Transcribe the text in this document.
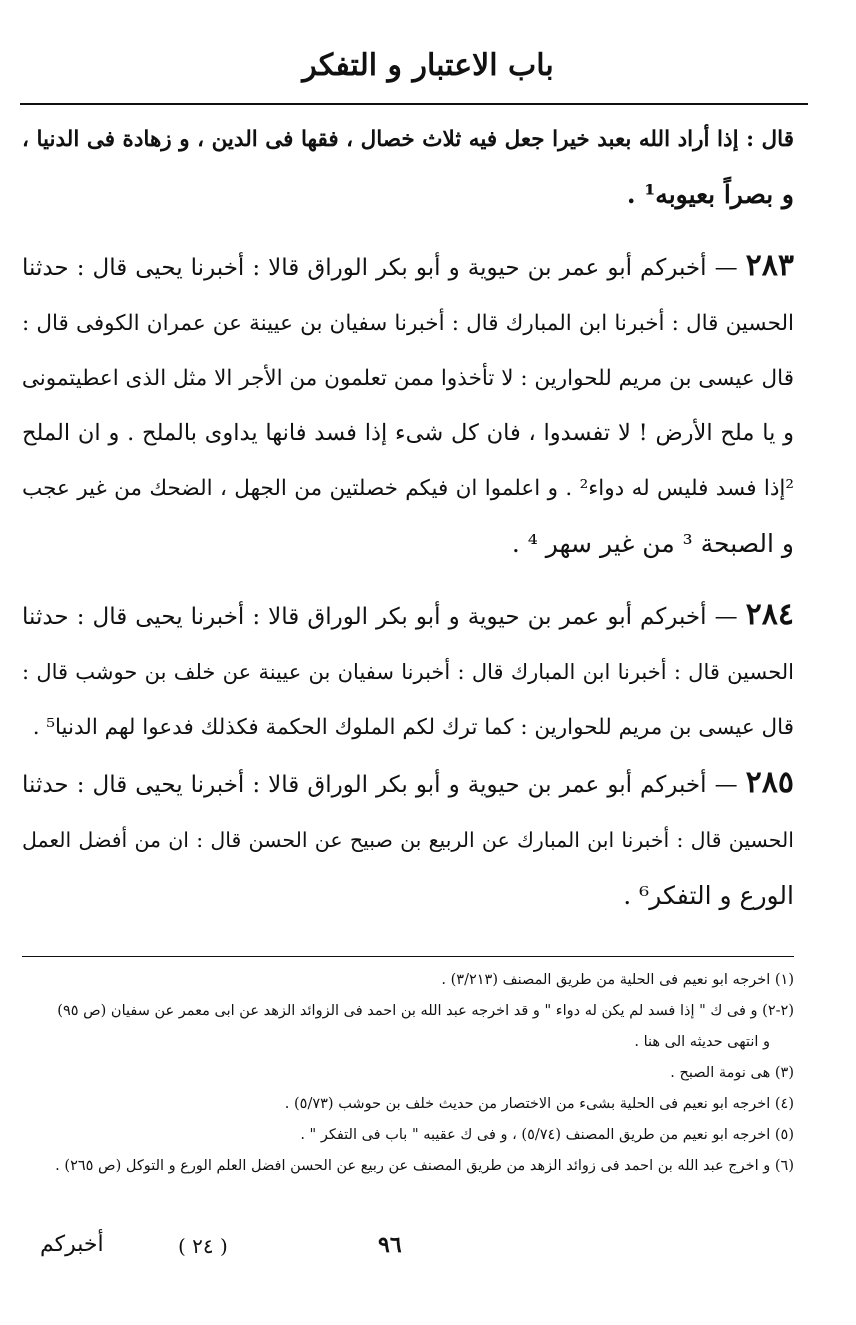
باب الاعتبار و التفكر
قال : إذا أراد الله بعبد خيرا جعل فيه ثلاث خصال ، فقها فى الدين ، و زهادة فى الدنيا ،
و بصراً بعيوبه¹ .
٢٨٣ — أخبركم أبو عمر بن حيوية و أبو بكر الوراق قالا : أخبرنا يحيى قال : حدثنا
الحسين قال : أخبرنا ابن المبارك قال : أخبرنا سفيان بن عيينة عن عمران الكوفى قال :
قال عيسى بن مريم للحوارين : لا تأخذوا ممن تعلمون من الأجر الا مثل الذى اعطيتمونى
و يا ملح الأرض ! لا تفسدوا ، فان كل شىء إذا فسد فانها يداوى بالملح . و ان الملح
²إذا فسد فليس له دواء² . و اعلموا ان فيكم خصلتين من الجهل ، الضحك من غير عجب
و الصبحة ³ من غير سهر ⁴ .
٢٨٤ — أخبركم أبو عمر بن حيوية و أبو بكر الوراق قالا : أخبرنا يحيى قال : حدثنا
الحسين قال : أخبرنا ابن المبارك قال : أخبرنا سفيان بن عيينة عن خلف بن حوشب قال :
قال عيسى بن مريم للحوارين : كما ترك لكم الملوك الحكمة فكذلك فدعوا لهم الدنيا⁵ .
٢٨٥ — أخبركم أبو عمر بن حيوية و أبو بكر الوراق قالا : أخبرنا يحيى قال : حدثنا
الحسين قال : أخبرنا ابن المبارك عن الربيع بن صبيح عن الحسن قال : ان من أفضل العمل
الورع و التفكر⁶ .
(١) اخرجه ابو نعيم فى الحلية من طريق المصنف (٣/٢١٣) .
(٢-٢) و فى ك " إذا فسد لم يكن له دواء " و قد اخرجه عبد الله بن احمد فى الزوائد الزهد عن ابى معمر عن سفيان (ص ٩٥)
و انتهى حديثه الى هنا .
(٣) هى نومة الصبح .
(٤) اخرجه ابو نعيم فى الحلية بشىء من الاختصار من حديث خلف بن حوشب (٥/٧٣) .
(٥) اخرجه ابو نعيم من طريق المصنف (٥/٧٤) ، و فى ك عقيبه " باب فى التفكر " .
(٦) و اخرج عبد الله بن احمد فى زوائد الزهد من طريق المصنف عن ربيع عن الحسن افضل العلم الورع و التوكل (ص ٢٦٥) .
أخبركم	( ٢٤ )	٩٦
